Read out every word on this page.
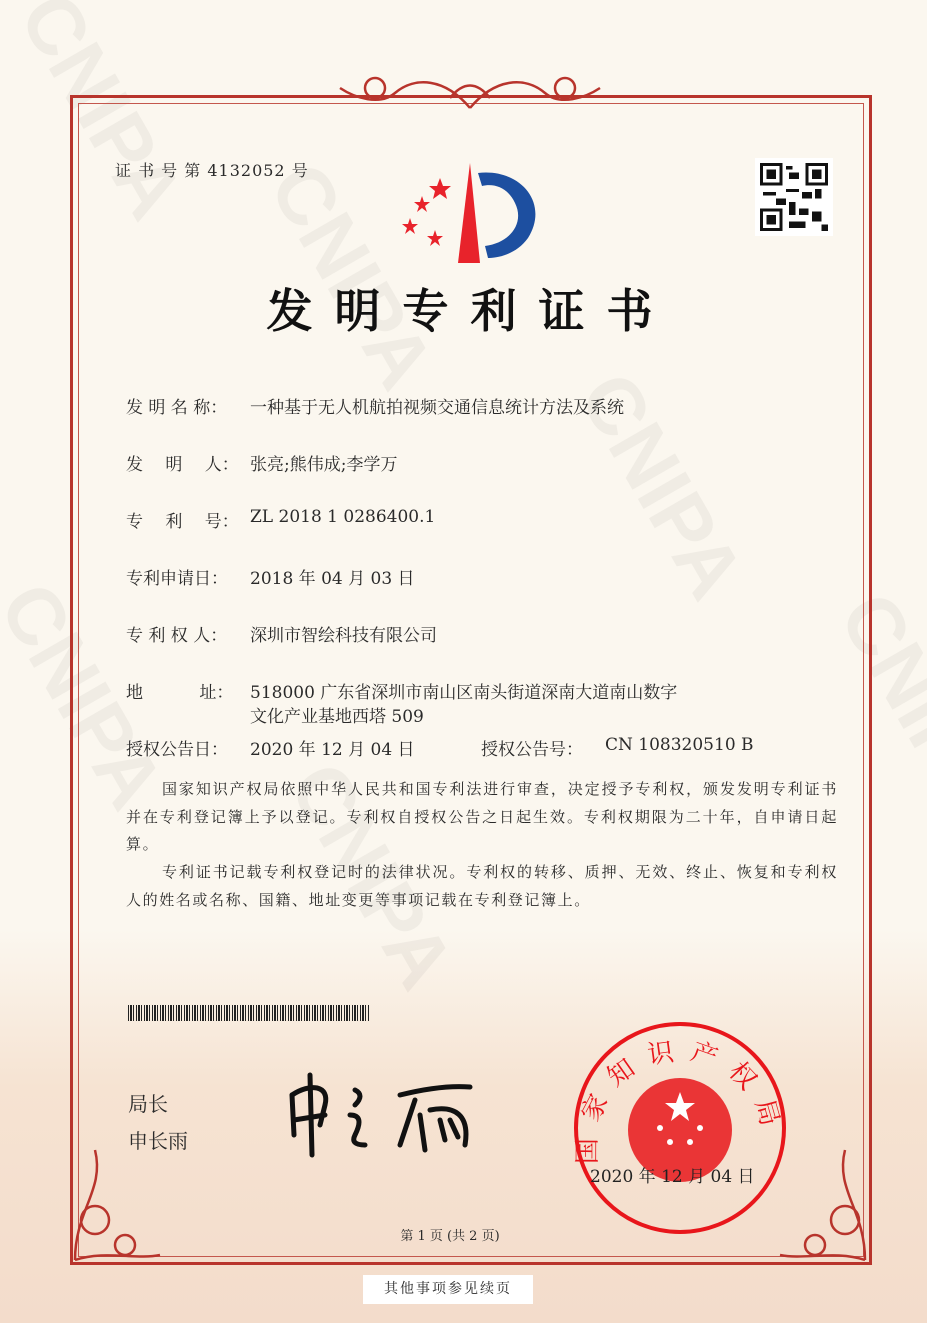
证 书 号 第 4132052 号
发明专利证书
发 明 名 称： 一种基于无人机航拍视频交通信息统计方法及系统
发　 明 　人： 张亮;熊伟成;李学万
专　 利 　号： ZL 2018 1 0286400.1
专利申请日： 2018 年 04 月 03 日
专 利 权 人： 深圳市智绘科技有限公司
地　　　 址： 518000 广东省深圳市南山区南头街道深南大道南山数字
文化产业基地西塔 509
授权公告日： 2020 年 12 月 04 日	授权公告号： CN 108320510 B
国家知识产权局依照中华人民共和国专利法进行审查，决定授予专利权，颁发发明专利证书并在专利登记簿上予以登记。专利权自授权公告之日起生效。专利权期限为二十年，自申请日起算。
专利证书记载专利权登记时的法律状况。专利权的转移、质押、无效、终止、恢复和专利权人的姓名或名称、国籍、地址变更等事项记载在专利登记簿上。
局长
申长雨	国家知识产权局
2020 年 12 月 04 日
第 1 页 (共 2 页)
其他事项参见续页
